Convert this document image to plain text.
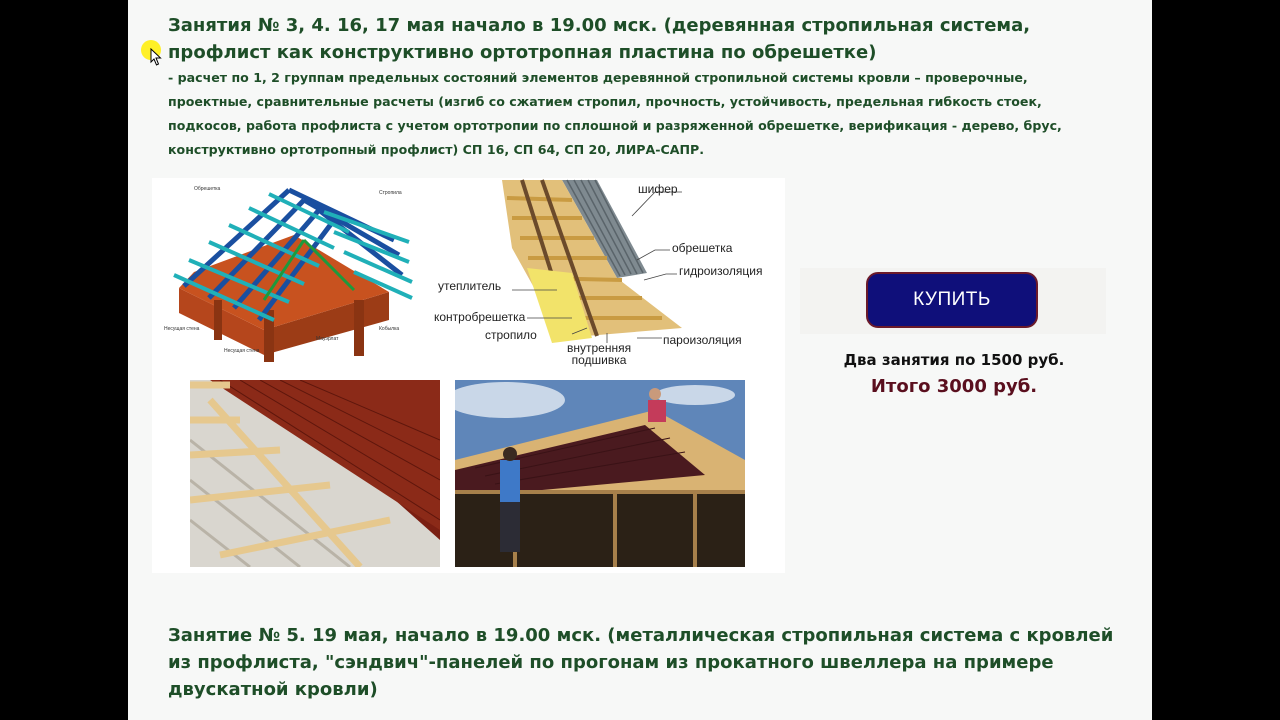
Занятия № 3, 4. 16, 17 мая начало в 19.00 мск. (деревянная стропильная система, профлист как конструктивно ортотропная пластина по обрешетке)

- расчет по 1, 2 группам предельных состояний элементов деревянной стропильной системы кровли – проверочные, проектные, сравнительные расчеты (изгиб со сжатием стропил, прочность, устойчивость, предельная гибкость стоек, подкосов, работа профлиста с учетом ортотропии по сплошной и разряженной обрешетке, верификация - дерево, брус, конструктивно ортотропный профлист) СП 16, СП 64, СП 20, ЛИРА-САПР.

Несущая стена
Несущая стена
Обрешетка
Стропила
Мауэрлат
Кобылка
шифер
обрешетка
гидроизоляция
утеплитель
контробрешетка
стропило	пароизоляция
внутренняя
подшивка
КУПИТЬ

Два занятия по 1500 руб.

Итого 3000 руб.

Занятие № 5. 19 мая, начало в 19.00 мск. (металлическая стропильная система с кровлей из профлиста, "сэндвич"-панелей по прогонам из прокатного швеллера на примере двускатной кровли)
